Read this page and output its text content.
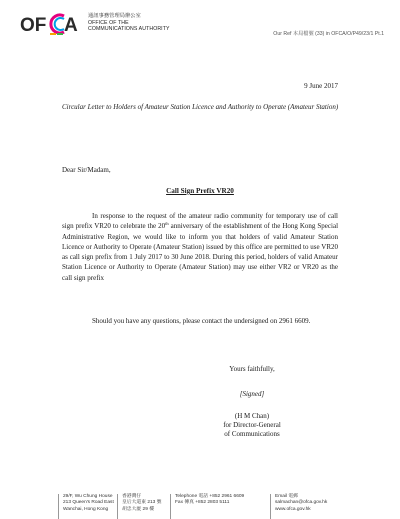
OF A 通訊事務管理局辦公室
OFFICE OF THE
COMMUNICATIONS AUTHORITY
Our Ref 本局檔號 (33) in OFCA/O/P49/23/1 Pt.1
9 June 2017
Circular Letter to Holders of Amateur Station Licence and Authority to Operate (Amateur Station)
Dear Sir/Madam,
Call Sign Prefix VR20
In response to the request of the amateur radio community for temporary use of call sign prefix VR20 to celebrate the 20th anniversary of the establishment of the Hong Kong Special Administrative Region, we would like to inform you that holders of valid Amateur Station Licence or Authority to Operate (Amateur Station) issued by this office are permitted to use VR20 as call sign prefix from 1 July 2017 to 30 June 2018. During this period, holders of valid Amateur Station Licence or Authority to Operate (Amateur Station) may use either VR2 or VR20 as the call sign prefix
Should you have any questions, please contact the undersigned on 2961 6609.
Yours faithfully,
[Signed]
(H M Chan)
for Director-General
of Communications
29/F, Wu Chung House
213 Queen's Road East
Wanchai, Hong Kong
香港灣仔
皇后大道東 213 號
胡忠大廈 29 樓
Telephone 電話 +852 2961 6609
Fax 傳真 +852 2803 5111
Email 電郵
salmachan@ofca.gov.hk
www.ofca.gov.hk
